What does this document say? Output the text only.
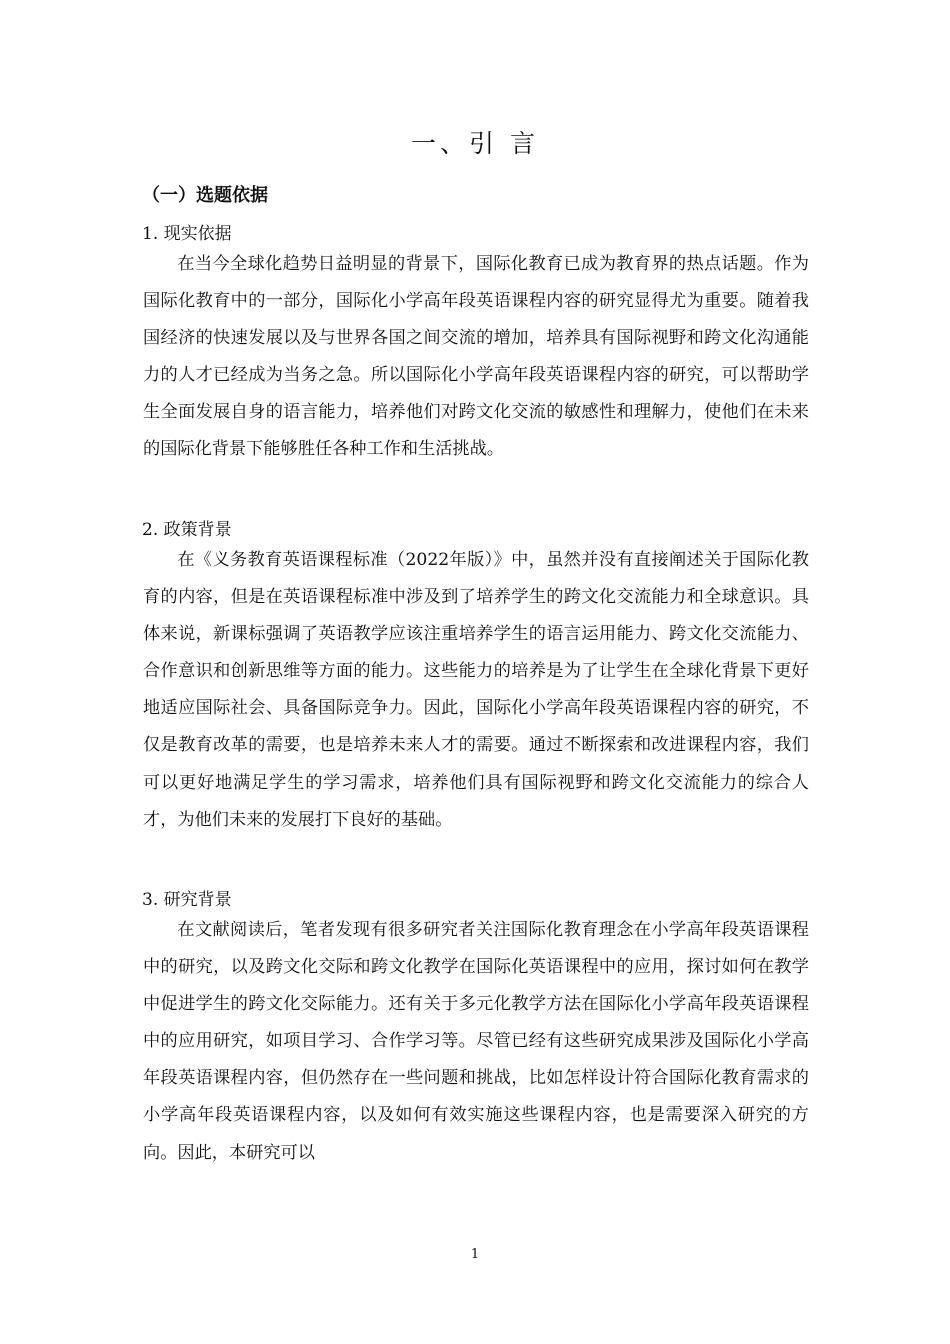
一、引 言
（一）选题依据
1. 现实依据

在当今全球化趋势日益明显的背景下，国际化教育已成为教育界的热点话题。作为国际化教育中的一部分，国际化小学高年段英语课程内容的研究显得尤为重要。随着我国经济的快速发展以及与世界各国之间交流的增加，培养具有国际视野和跨文化沟通能力的人才已经成为当务之急。所以国际化小学高年段英语课程内容的研究，可以帮助学生全面发展自身的语言能力，培养他们对跨文化交流的敏感性和理解力，使他们在未来的国际化背景下能够胜任各种工作和生活挑战。

2. 政策背景

在《义务教育英语课程标准（2022年版）》中，虽然并没有直接阐述关于国际化教育的内容，但是在英语课程标准中涉及到了培养学生的跨文化交流能力和全球意识。具体来说，新课标强调了英语教学应该注重培养学生的语言运用能力、跨文化交流能力、合作意识和创新思维等方面的能力。这些能力的培养是为了让学生在全球化背景下更好地适应国际社会、具备国际竞争力。因此，国际化小学高年段英语课程内容的研究，不仅是教育改革的需要，也是培养未来人才的需要。通过不断探索和改进课程内容，我们可以更好地满足学生的学习需求，培养他们具有国际视野和跨文化交流能力的综合人才，为他们未来的发展打下良好的基础。

3. 研究背景

在文献阅读后，笔者发现有很多研究者关注国际化教育理念在小学高年段英语课程中的研究，以及跨文化交际和跨文化教学在国际化英语课程中的应用，探讨如何在教学中促进学生的跨文化交际能力。还有关于多元化教学方法在国际化小学高年段英语课程中的应用研究，如项目学习、合作学习等。尽管已经有这些研究成果涉及国际化小学高年段英语课程内容，但仍然存在一些问题和挑战，比如怎样设计符合国际化教育需求的小学高年段英语课程内容，以及如何有效实施这些课程内容，也是需要深入研究的方向。因此，本研究可以

1
